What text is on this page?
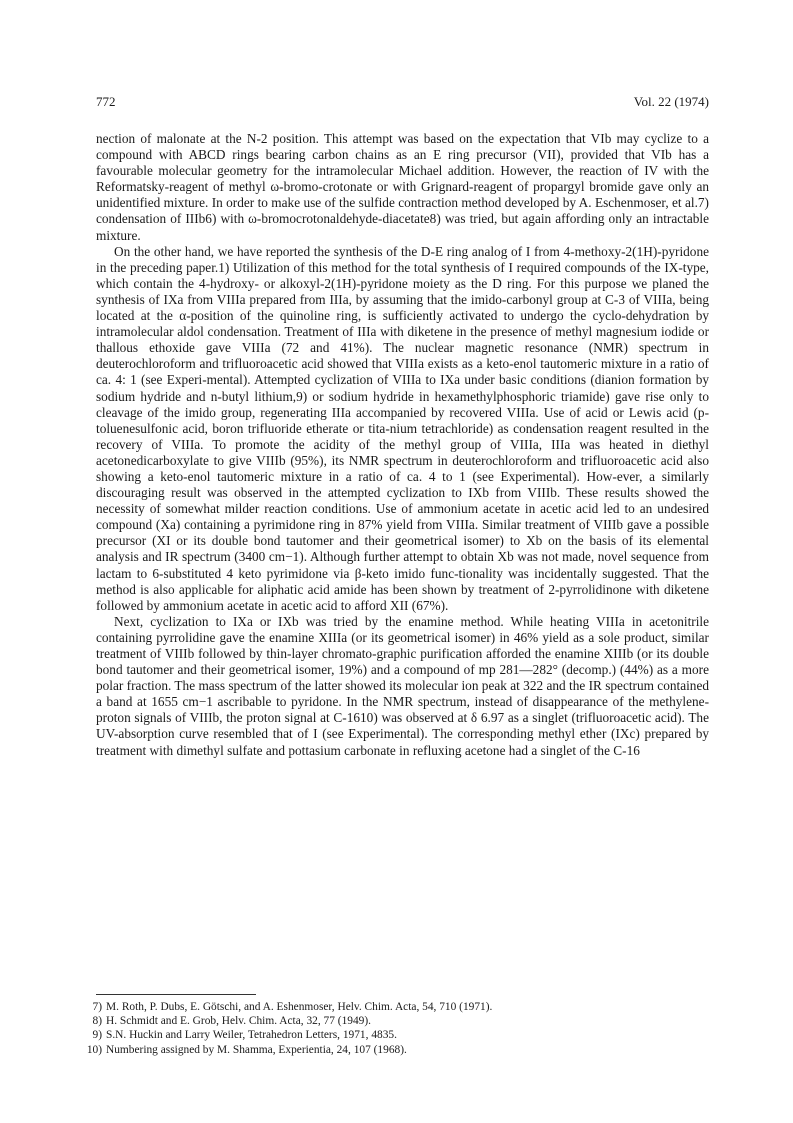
772	Vol. 22 (1974)

nection of malonate at the N-2 position. This attempt was based on the expectation that VIb may cyclize to a compound with ABCD rings bearing carbon chains as an E ring precursor (VII), provided that VIb has a favourable molecular geometry for the intramolecular Michael addition. However, the reaction of IV with the Reformatsky-reagent of methyl ω-bromo-crotonate or with Grignard-reagent of propargyl bromide gave only an unidentified mixture. In order to make use of the sulfide contraction method developed by A. Eschenmoser, et al.7) condensation of IIIb6) with ω-bromocrotonaldehyde-diacetate8) was tried, but again affording only an intractable mixture.

On the other hand, we have reported the synthesis of the D-E ring analog of I from 4-methoxy-2(1H)-pyridone in the preceding paper.1) Utilization of this method for the total synthesis of I required compounds of the IX-type, which contain the 4-hydroxy- or alkoxyl-2(1H)-pyridone moiety as the D ring. For this purpose we planed the synthesis of IXa from VIIIa prepared from IIIa, by assuming that the imido-carbonyl group at C-3 of VIIIa, being located at the α-position of the quinoline ring, is sufficiently activated to undergo the cyclo-dehydration by intramolecular aldol condensation. Treatment of IIIa with diketene in the presence of methyl magnesium iodide or thallous ethoxide gave VIIIa (72 and 41%). The nuclear magnetic resonance (NMR) spectrum in deuterochloroform and trifluoroacetic acid showed that VIIIa exists as a keto-enol tautomeric mixture in a ratio of ca. 4: 1 (see Experi-mental). Attempted cyclization of VIIIa to IXa under basic conditions (dianion formation by sodium hydride and n-butyl lithium,9) or sodium hydride in hexamethylphosphoric triamide) gave rise only to cleavage of the imido group, regenerating IIIa accompanied by recovered VIIIa. Use of acid or Lewis acid (p-toluenesulfonic acid, boron trifluoride etherate or tita-nium tetrachloride) as condensation reagent resulted in the recovery of VIIIa. To promote the acidity of the methyl group of VIIIa, IIIa was heated in diethyl acetonedicarboxylate to give VIIIb (95%), its NMR spectrum in deuterochloroform and trifluoroacetic acid also showing a keto-enol tautomeric mixture in a ratio of ca. 4 to 1 (see Experimental). How-ever, a similarly discouraging result was observed in the attempted cyclization to IXb from VIIIb. These results showed the necessity of somewhat milder reaction conditions. Use of ammonium acetate in acetic acid led to an undesired compound (Xa) containing a pyrimidone ring in 87% yield from VIIIa. Similar treatment of VIIIb gave a possible precursor (XI or its double bond tautomer and their geometrical isomer) to Xb on the basis of its elemental analysis and IR spectrum (3400 cm−1). Although further attempt to obtain Xb was not made, novel sequence from lactam to 6-substituted 4 keto pyrimidone via β-keto imido func-tionality was incidentally suggested. That the method is also applicable for aliphatic acid amide has been shown by treatment of 2-pyrrolidinone with diketene followed by ammonium acetate in acetic acid to afford XII (67%).

Next, cyclization to IXa or IXb was tried by the enamine method. While heating VIIIa in acetonitrile containing pyrrolidine gave the enamine XIIIa (or its geometrical isomer) in 46% yield as a sole product, similar treatment of VIIIb followed by thin-layer chromato-graphic purification afforded the enamine XIIIb (or its double bond tautomer and their geometrical isomer, 19%) and a compound of mp 281—282° (decomp.) (44%) as a more polar fraction. The mass spectrum of the latter showed its molecular ion peak at 322 and the IR spectrum contained a band at 1655 cm−1 ascribable to pyridone. In the NMR spectrum, instead of disappearance of the methylene-proton signals of VIIIb, the proton signal at C-1610) was observed at δ 6.97 as a singlet (trifluoroacetic acid). The UV-absorption curve resembled that of I (see Experimental). The corresponding methyl ether (IXc) prepared by treatment with dimethyl sulfate and pottasium carbonate in refluxing acetone had a singlet of the C-16

7) M. Roth, P. Dubs, E. Götschi, and A. Eshenmoser, Helv. Chim. Acta, 54, 710 (1971).

8) H. Schmidt and E. Grob, Helv. Chim. Acta, 32, 77 (1949).

9) S.N. Huckin and Larry Weiler, Tetrahedron Letters, 1971, 4835.

10) Numbering assigned by M. Shamma, Experientia, 24, 107 (1968).
